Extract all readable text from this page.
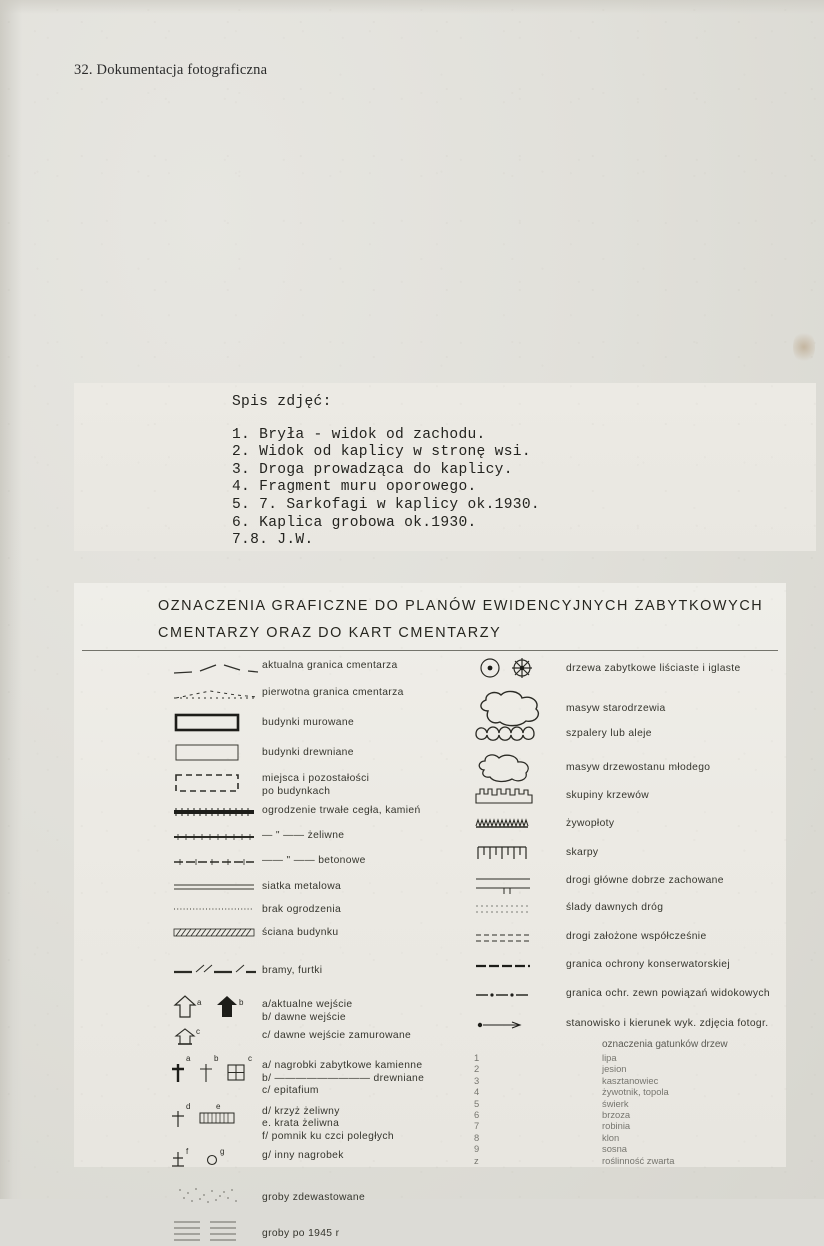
32. Dokumentacja fotograficzna
Spis zdjęć:
1. Bryła - widok od zachodu.
2. Widok od kaplicy w stronę wsi.
3. Droga prowadząca do kaplicy.
4. Fragment muru oporowego.
5. 7. Sarkofagi w kaplicy ok.1930.
6. Kaplica grobowa ok.1930.
7.8. J.W.
OZNACZENIA GRAFICZNE DO PLANÓW EWIDENCYJNYCH ZABYTKOWYCH
CMENTARZY ORAZ DO KART CMENTARZY
aktualna granica cmentarza
pierwotna granica cmentarza
budynki murowane
budynki drewniane
miejsca i pozostałości
po budynkach
ogrodzenie trwałe cegła, kamień
— " —— żeliwne
—— " —— betonowe
siatka metalowa
brak ogrodzenia
ściana budynku
bramy, furtki
a	b a/aktualne wejście
b/ dawne wejście
c	c/ dawne wejście zamurowane
a	b	c
a/ nagrobki zabytkowe kamienne
b/ ————————— drewniane
c/ epitafium
d	e	d/ krzyż żeliwny
e. krata żeliwna
f/ pomnik ku czci poległych
f	g	g/ inny nagrobek
groby zdewastowane
groby po 1945 r
drzewa zabytkowe liściaste i iglaste
masyw starodrzewia
szpalery lub aleje
masyw drzewostanu młodego
skupiny krzewów
żywopłoty
skarpy
drogi główne dobrze zachowane
ślady dawnych dróg
drogi założone współcześnie
granica ochrony konserwatorskiej
granica ochr. zewn powiązań widokowych
stanowisko i kierunek wyk. zdjęcia fotogr.
oznaczenia gatunków drzew
1	lipa
2	jesion
3	kasztanowiec
4	żywotnik, topola
5	świerk
6	brzoza
7	robinia
8	klon
9	sosna
z	roślinność zwarta
